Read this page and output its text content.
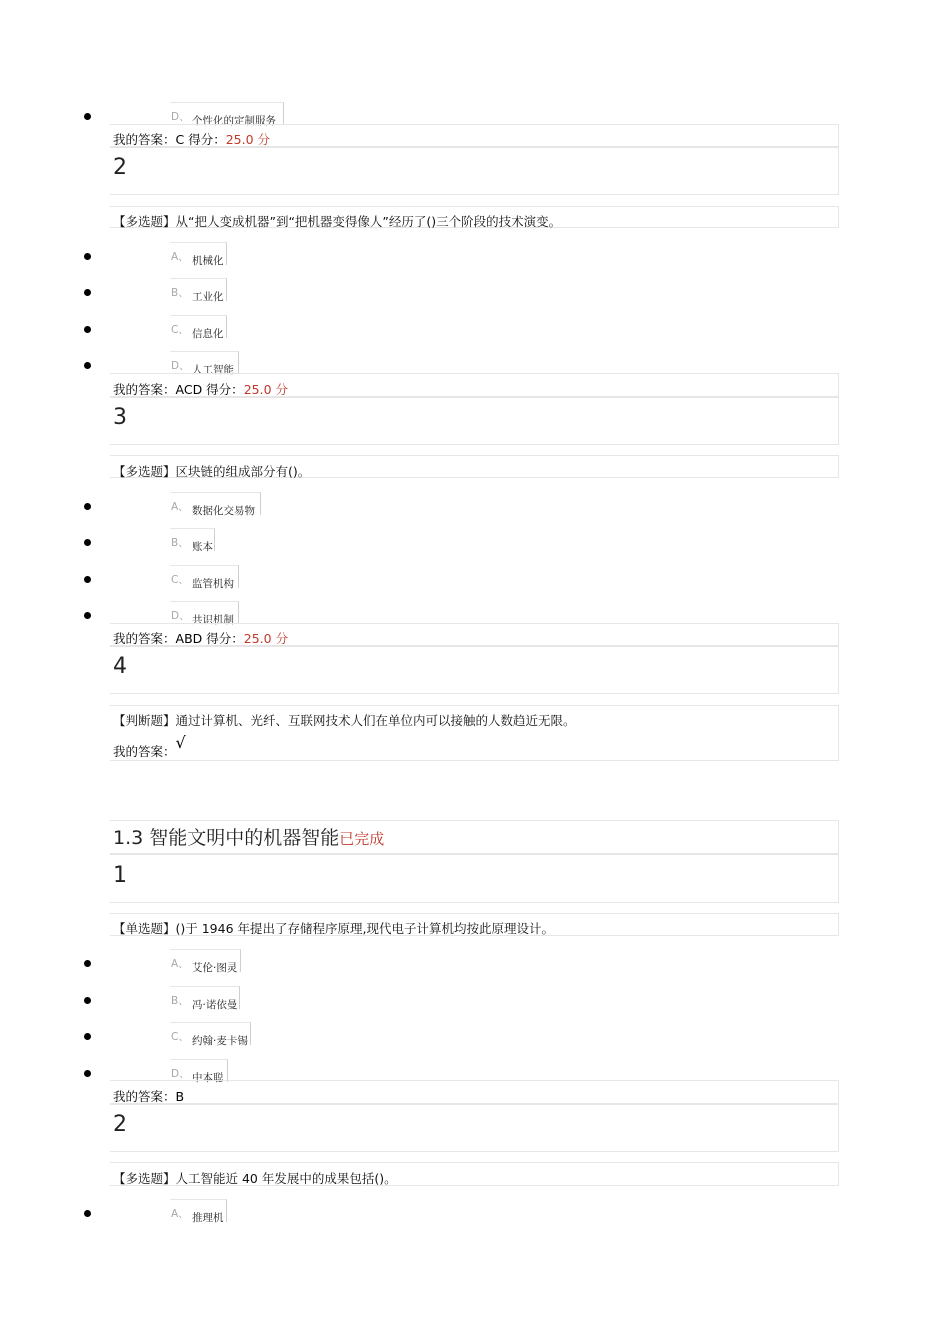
D、 个性化的定制服务
我的答案：C 得分：25.0 分
2
【多选题】从“把人变成机器”到“把机器变得像人”经历了()三个阶段的技术演变。
A、 机械化
B、 工业化
C、 信息化
D、 人工智能
我的答案：ACD 得分：25.0 分
3
【多选题】区块链的组成部分有()。
A、 数据化交易物
B、 账本
C、 监管机构
D、 共识机制
我的答案：ABD 得分：25.0 分
4
【判断题】通过计算机、光纤、互联网技术人们在单位内可以接触的人数趋近无限。
我的答案：√
1.3 智能文明中的机器智能已完成
1
【单选题】()于 1946 年提出了存储程序原理,现代电子计算机均按此原理设计。
A、 艾伦·图灵
B、 冯·诺依曼
C、 约翰·麦卡锡
D、 中本聪
我的答案：B
2
【多选题】人工智能近 40 年发展中的成果包括()。
A、 推理机
